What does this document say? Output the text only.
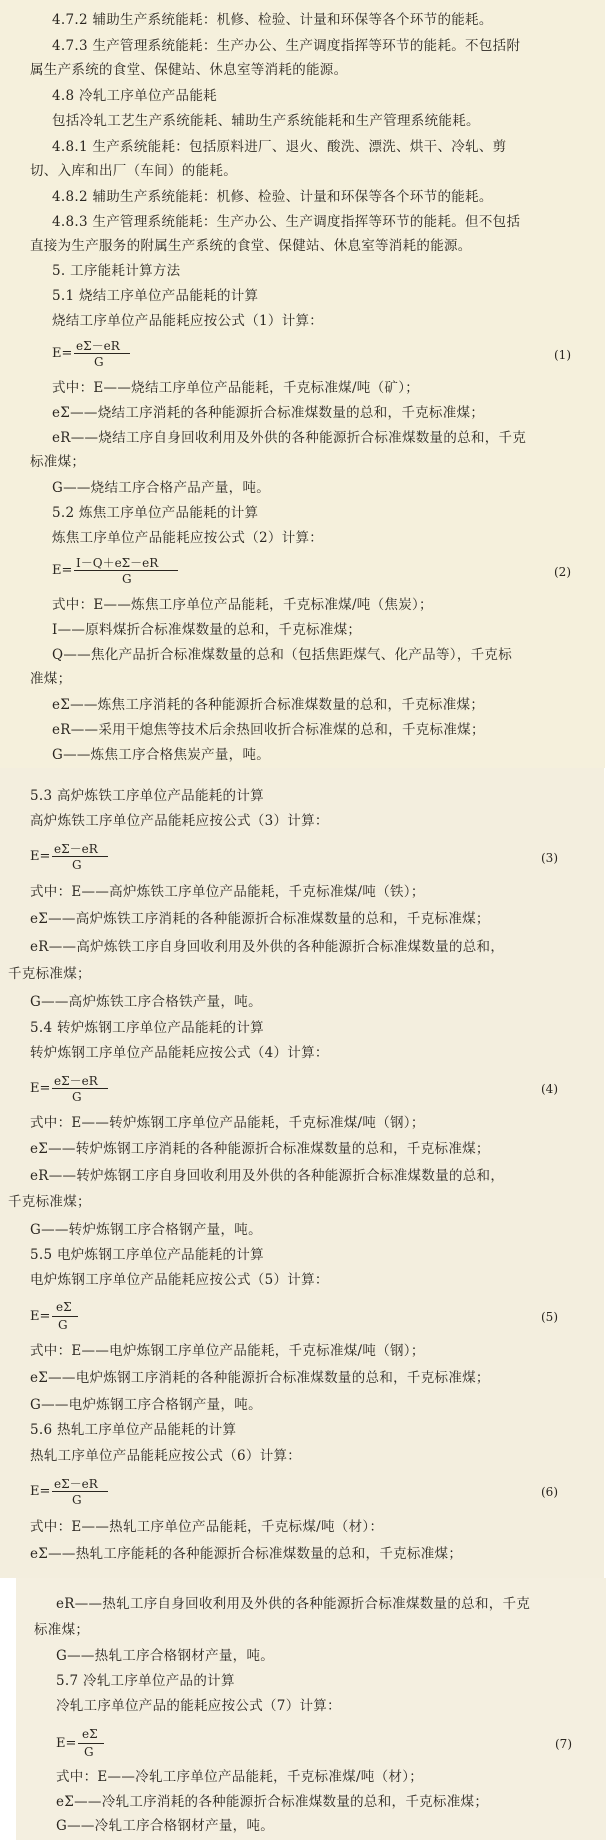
4.7.2 辅助生产系统能耗：机修、检验、计量和环保等各个环节的能耗。
4.7.3 生产管理系统能耗：生产办公、生产调度指挥等环节的能耗。不包括附
属生产系统的食堂、保健站、休息室等消耗的能源。
4.8 冷轧工序单位产品能耗
包括冷轧工艺生产系统能耗、辅助生产系统能耗和生产管理系统能耗。
4.8.1 生产系统能耗：包括原料进厂、退火、酸洗、漂洗、烘干、冷轧、剪
切、入库和出厂（车间）的能耗。
4.8.2 辅助生产系统能耗：机修、检验、计量和环保等各个环节的能耗。
4.8.3 生产管理系统能耗：生产办公、生产调度指挥等环节的能耗。但不包括
直接为生产服务的附属生产系统的食堂、保健站、休息室等消耗的能源。
5. 工序能耗计算方法
5.1 烧结工序单位产品能耗的计算
烧结工序单位产品能耗应按公式（1）计算：
E= eΣ－eR
G	(1)
式中：E——烧结工序单位产品能耗，千克标准煤/吨（矿）；
eΣ——烧结工序消耗的各种能源折合标准煤数量的总和，千克标准煤；
eR——烧结工序自身回收利用及外供的各种能源折合标准煤数量的总和，千克
标准煤；
G——烧结工序合格产品产量，吨。
5.2 炼焦工序单位产品能耗的计算
炼焦工序单位产品能耗应按公式（2）计算：
E= I－Q＋eΣ－eR
G	(2)
式中：E——炼焦工序单位产品能耗，千克标准煤/吨（焦炭）；
I——原料煤折合标准煤数量的总和，千克标准煤；
Q——焦化产品折合标准煤数量的总和（包括焦距煤气、化产品等），千克标
准煤；
eΣ——炼焦工序消耗的各种能源折合标准煤数量的总和，千克标准煤；
eR——采用干熄焦等技术后余热回收折合标准煤的总和，千克标准煤；
G——炼焦工序合格焦炭产量，吨。
5.3 高炉炼铁工序单位产品能耗的计算
高炉炼铁工序单位产品能耗应按公式（3）计算：
E= eΣ－eR
G	(3)
式中：E——高炉炼铁工序单位产品能耗，千克标准煤/吨（铁）；
eΣ——高炉炼铁工序消耗的各种能源折合标准煤数量的总和，千克标准煤；
eR——高炉炼铁工序自身回收利用及外供的各种能源折合标准煤数量的总和，
千克标准煤；
G——高炉炼铁工序合格铁产量，吨。
5.4 转炉炼钢工序单位产品能耗的计算
转炉炼钢工序单位产品能耗应按公式（4）计算：
E= eΣ－eR
G
(4)
式中：E——转炉炼钢工序单位产品能耗，千克标准煤/吨（钢）；
eΣ——转炉炼钢工序消耗的各种能源折合标准煤数量的总和，千克标准煤；
eR——转炉炼钢工序自身回收利用及外供的各种能源折合标准煤数量的总和，
千克标准煤；
G——转炉炼钢工序合格钢产量，吨。
5.5 电炉炼钢工序单位产品能耗的计算
电炉炼钢工序单位产品能耗应按公式（5）计算：
E=
eΣ
G
(5)
式中：E——电炉炼钢工序单位产品能耗，千克标准煤/吨（钢）；
eΣ——电炉炼钢工序消耗的各种能源折合标准煤数量的总和，千克标准煤；
G——电炉炼钢工序合格钢产量，吨。
5.6 热轧工序单位产品能耗的计算
热轧工序单位产品能耗应按公式（6）计算：
E= eΣ－eR
G
(6)
式中：E——热轧工序单位产品能耗，千克标煤/吨（材）：
eΣ——热轧工序能耗的各种能源折合标准煤数量的总和，千克标准煤；
eR——热轧工序自身回收利用及外供的各种能源折合标准煤数量的总和，千克
标准煤；
G——热轧工序合格钢材产量，吨。
5.7 冷轧工序单位产品的计算
冷轧工序单位产品的能耗应按公式（7）计算：
E=
eΣ
G
(7)
式中：E——冷轧工序单位产品能耗，千克标准煤/吨（材）；
eΣ——冷轧工序消耗的各种能源折合标准煤数量的总和，千克标准煤；
G——冷轧工序合格钢材产量，吨。
